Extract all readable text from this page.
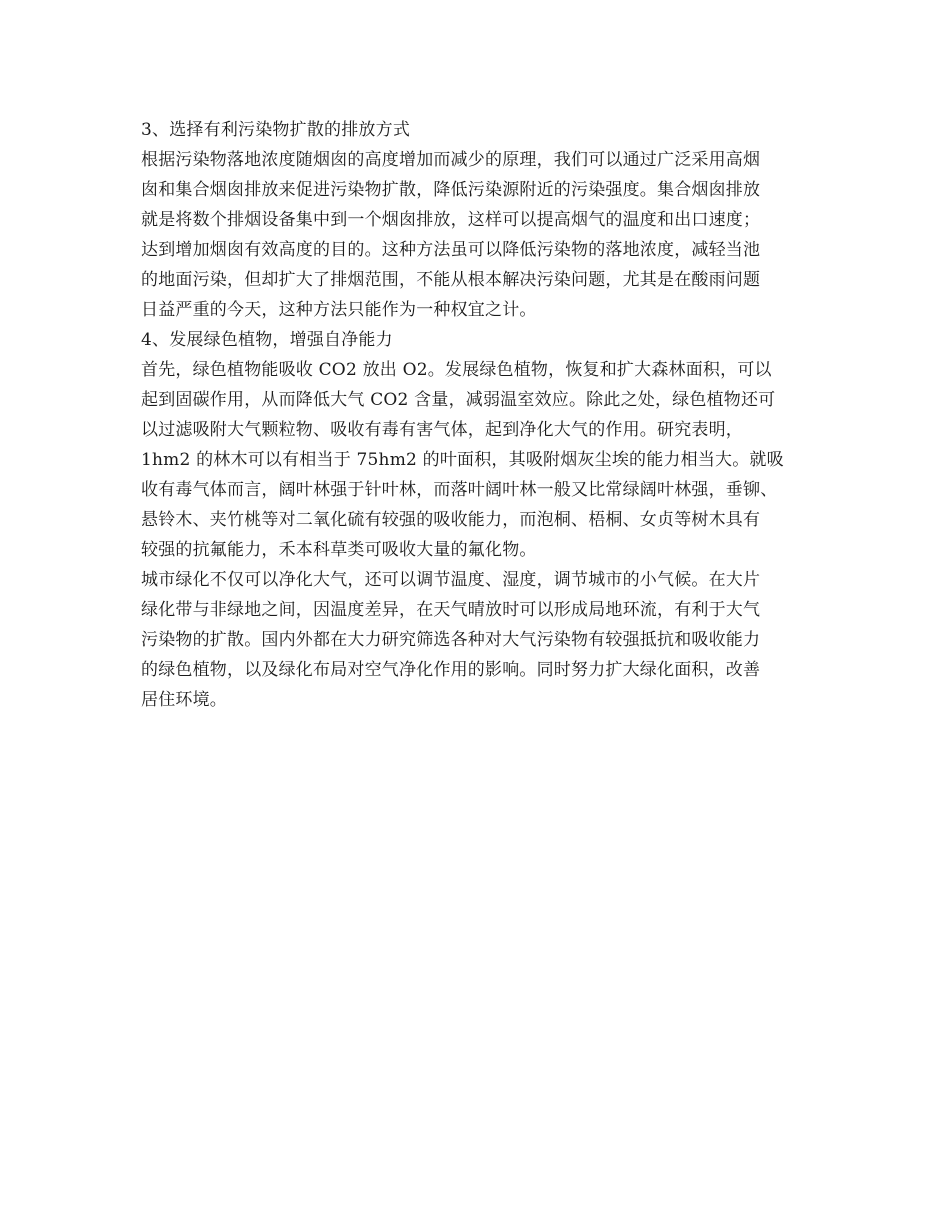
3、选择有利污染物扩散的排放方式
根据污染物落地浓度随烟囱的高度增加而减少的原理，我们可以通过广泛采用高烟
囱和集合烟囱排放来促进污染物扩散，降低污染源附近的污染强度。集合烟囱排放
就是将数个排烟设备集中到一个烟囱排放，这样可以提高烟气的温度和出口速度；
达到增加烟囱有效高度的目的。这种方法虽可以降低污染物的落地浓度，减轻当池
的地面污染，但却扩大了排烟范围，不能从根本解决污染问题，尤其是在酸雨问题
日益严重的今天，这种方法只能作为一种权宜之计。
4、发展绿色植物，增强自净能力
首先，绿色植物能吸收 CO2 放出 O2。发展绿色植物，恢复和扩大森林面积，可以
起到固碳作用，从而降低大气 CO2 含量，减弱温室效应。除此之处，绿色植物还可
以过滤吸附大气颗粒物、吸收有毒有害气体，起到净化大气的作用。研究表明，
1hm2 的林木可以有相当于 75hm2 的叶面积，其吸附烟灰尘埃的能力相当大。就吸
收有毒气体而言，阔叶林强于针叶林，而落叶阔叶林一般又比常绿阔叶林强，垂铆、
悬铃木、夹竹桃等对二氧化硫有较强的吸收能力，而泡桐、梧桐、女贞等树木具有
较强的抗氟能力，禾本科草类可吸收大量的氟化物。
城市绿化不仅可以净化大气，还可以调节温度、湿度，调节城市的小气候。在大片
绿化带与非绿地之间，因温度差异，在天气晴放时可以形成局地环流，有利于大气
污染物的扩散。国内外都在大力研究筛选各种对大气污染物有较强抵抗和吸收能力
的绿色植物，以及绿化布局对空气净化作用的影响。同时努力扩大绿化面积，改善
居住环境。
